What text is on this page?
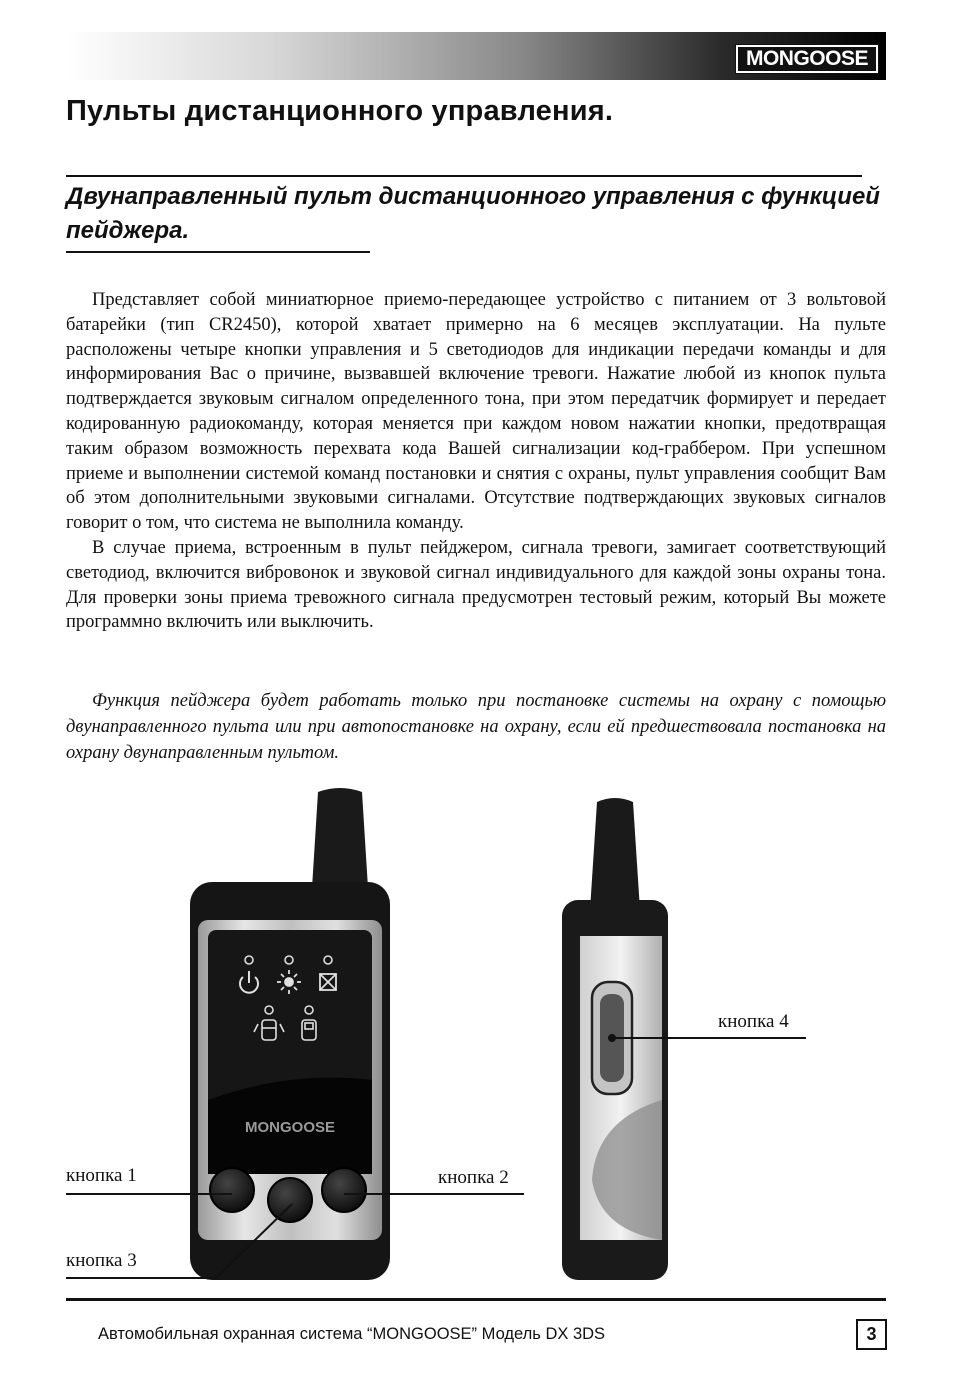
MONGOOSE
Пульты дистанционного управления.
Двунаправленный пульт дистанционного управления с функцией пейджера.

Представляет собой миниатюрное приемо-передающее устройство с питанием от 3 вольтовой батарейки (тип CR2450), которой хватает примерно на 6 месяцев эксплуатации. На пульте расположены четыре кнопки управления и 5 светодиодов для индикации передачи команды и для информирования Вас о причине, вызвавшей включение тревоги. Нажатие любой из кнопок пульта подтверждается звуковым сигналом определенного тона, при этом передатчик формирует и передает кодированную радиокоманду, которая меняется при каждом новом нажатии кнопки, предотвращая таким образом возможность перехвата кода Вашей сигнализации код-граббером. При успешном приеме и выполнении системой команд постановки и снятия с охраны, пульт управления сообщит Вам об этом дополнительными звуковыми сигналами. Отсутствие подтверждающих звуковых сигналов говорит о том, что система не выполнила команду.

В случае приема, встроенным в пульт пейджером, сигнала тревоги, замигает соответствующий светодиод, включится вибровонок и звуковой сигнал индивидуального для каждой зоны охраны тона. Для проверки зоны приема тревожного сигнала предусмотрен тестовый режим, который Вы можете программно включить или выключить.

Функция пейджера будет работать только при постановке системы на охрану с помощью двунаправленного пульта или при автопостановке на охрану, если ей предшествовала постановка на охрану двунаправленным пультом.

MONGOOSE
кнопка 1	кнопка 2
кнопка 3
кнопка 4
Автомобильная охранная система “MONGOOSE” Модель DX 3DS	3
